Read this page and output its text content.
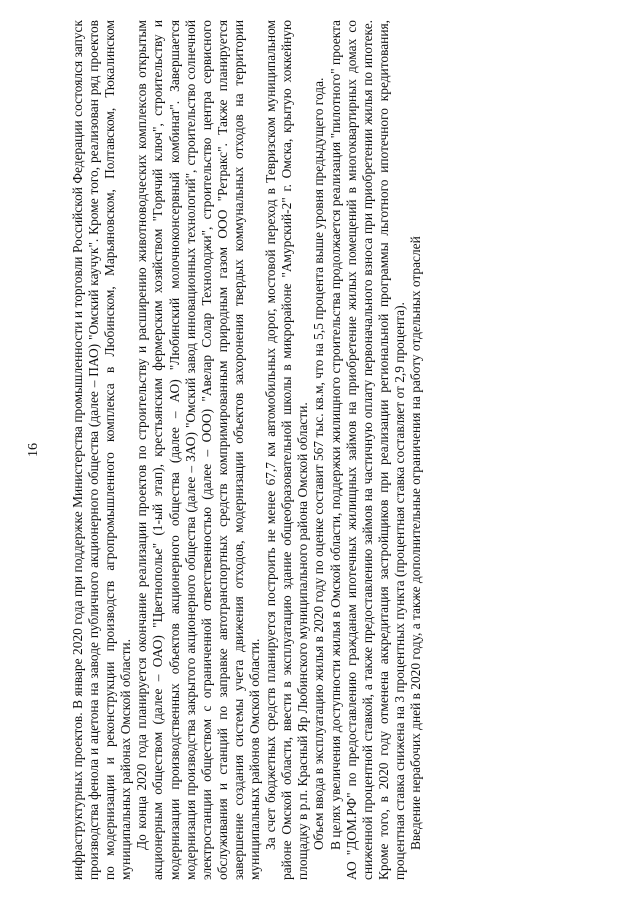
16 инфраструктурных проектов. В январе 2020 года при поддержке Министерства промышленности и торговли Российской Федерации состоялся запуск производства фенола и ацетона на заводе публичного акционерного общества (далее – ПАО) "Омский каучук". Кроме того, реализован ряд проектов по модернизации и реконструкции производств агропромышленного комплекса в Любинском, Марьяновском, Полтавском, Тюкалинском муниципальных районах Омской области. До конца 2020 года планируется окончание реализации проектов по строительству и расширению животноводческих комплексов открытым акционерным обществом (далее – ОАО) "Цветнополье" (1-ый этап), крестьянским фермерским хозяйством "Горячий ключ", строительству и модернизации производственных объектов акционерного общества (далее – АО) "Любинский молочноконсервный комбинат". Завершается модернизация производства закрытого акционерного общества (далее – ЗАО) "Омский завод инновационных технологий", строительство солнечной электростанции обществом с ограниченной ответственностью (далее – ООО) "Авелар Солар Технолоджи", строительство центра сервисного обслуживания и станций по заправке автотранспортных средств компримированным природным газом ООО "Ретракс". Также планируется завершение создания системы учета движения отходов, модернизации объектов захоронения твердых коммунальных отходов на территории муниципальных районов Омской области. За счет бюджетных средств планируется построить не менее 67,7 км автомобильных дорог, мостовой переход в Тевризском муниципальном районе Омской области, ввести в эксплуатацию здание общеобразовательной школы в микрорайоне "Амурский-2" г. Омска, крытую хоккейную площадку в р.п. Красный Яр Любинского муниципального района Омской области. Объем ввода в эксплуатацию жилья в 2020 году по оценке составит 567 тыс. кв.м, что на 5,5 процента выше уровня предыдущего года. В целях увеличения доступности жилья в Омской области, поддержки жилищного строительства продолжается реализация "пилотного" проекта АО "ДОМ.РФ" по предоставлению гражданам ипотечных жилищных займов на приобретение жилых помещений в многоквартирных домах со сниженной процентной ставкой, а также предоставлению займов на частичную оплату первоначального взноса при приобретении жилья по ипотеке. Кроме того, в 2020 году отменена аккредитация застройщиков при реализации региональной программы льготного ипотечного кредитования, процентная ставка снижена на 3 процентных пункта (процентная ставка составляет от 2,9 процента). Введение нерабочих дней в 2020 году, а также дополнительные ограничения на работу отдельных отраслей
